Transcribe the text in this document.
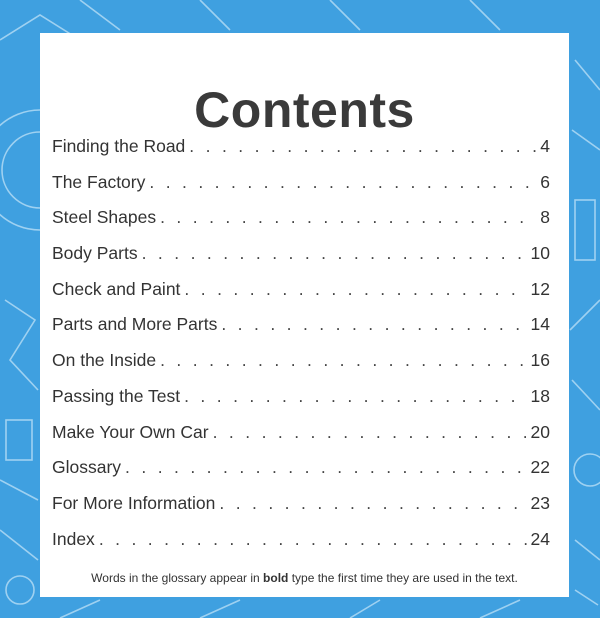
Contents
Finding the Road . . .	4
The Factory . . .	6
Steel Shapes . . .	8
Body Parts . . .	10
Check and Paint . . .	12
Parts and More Parts . . .	14
On the Inside . . .	16
Passing the Test . . .	18
Make Your Own Car . . .	20
Glossary . . .	22
For More Information . . .	23
Index . . .	24

Words in the glossary appear in bold type the first time they are used in the text.
